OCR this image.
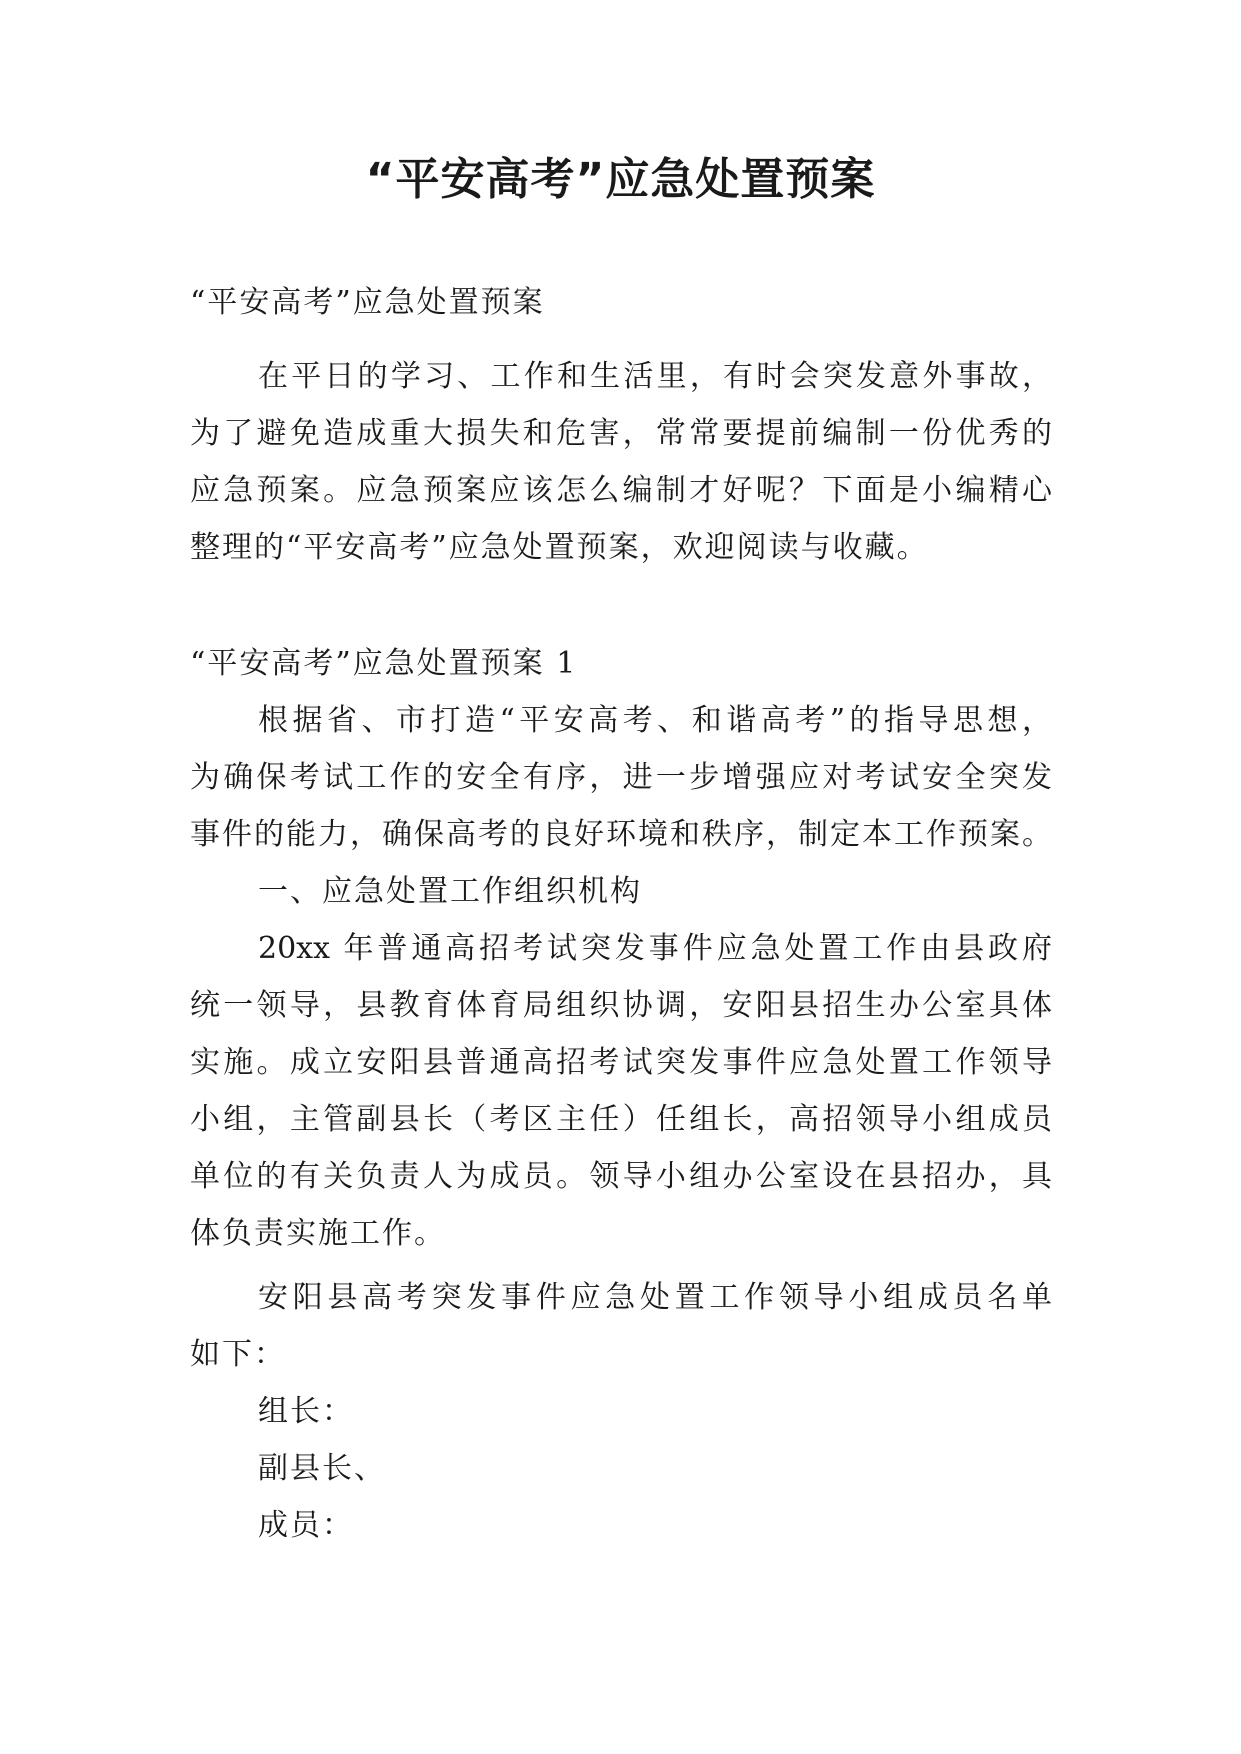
“平安高考”应急处置预案
“平安高考”应急处置预案
在平日的学习、工作和生活里，有时会突发意外事故，
为了避免造成重大损失和危害，常常要提前编制一份优秀的
应急预案。应急预案应该怎么编制才好呢？下面是小编精心
整理的“平安高考”应急处置预案，欢迎阅读与收藏。
“平安高考”应急处置预案 1
根据省、市打造“平安高考、和谐高考”的指导思想，
为确保考试工作的安全有序，进一步增强应对考试安全突发
事件的能力，确保高考的良好环境和秩序，制定本工作预案。
一、应急处置工作组织机构
20xx 年普通高招考试突发事件应急处置工作由县政府
统一领导，县教育体育局组织协调，安阳县招生办公室具体
实施。成立安阳县普通高招考试突发事件应急处置工作领导
小组，主管副县长（考区主任）任组长，高招领导小组成员
单位的有关负责人为成员。领导小组办公室设在县招办，具
体负责实施工作。
安阳县高考突发事件应急处置工作领导小组成员名单
如下：
组长：
副县长、
成员：
